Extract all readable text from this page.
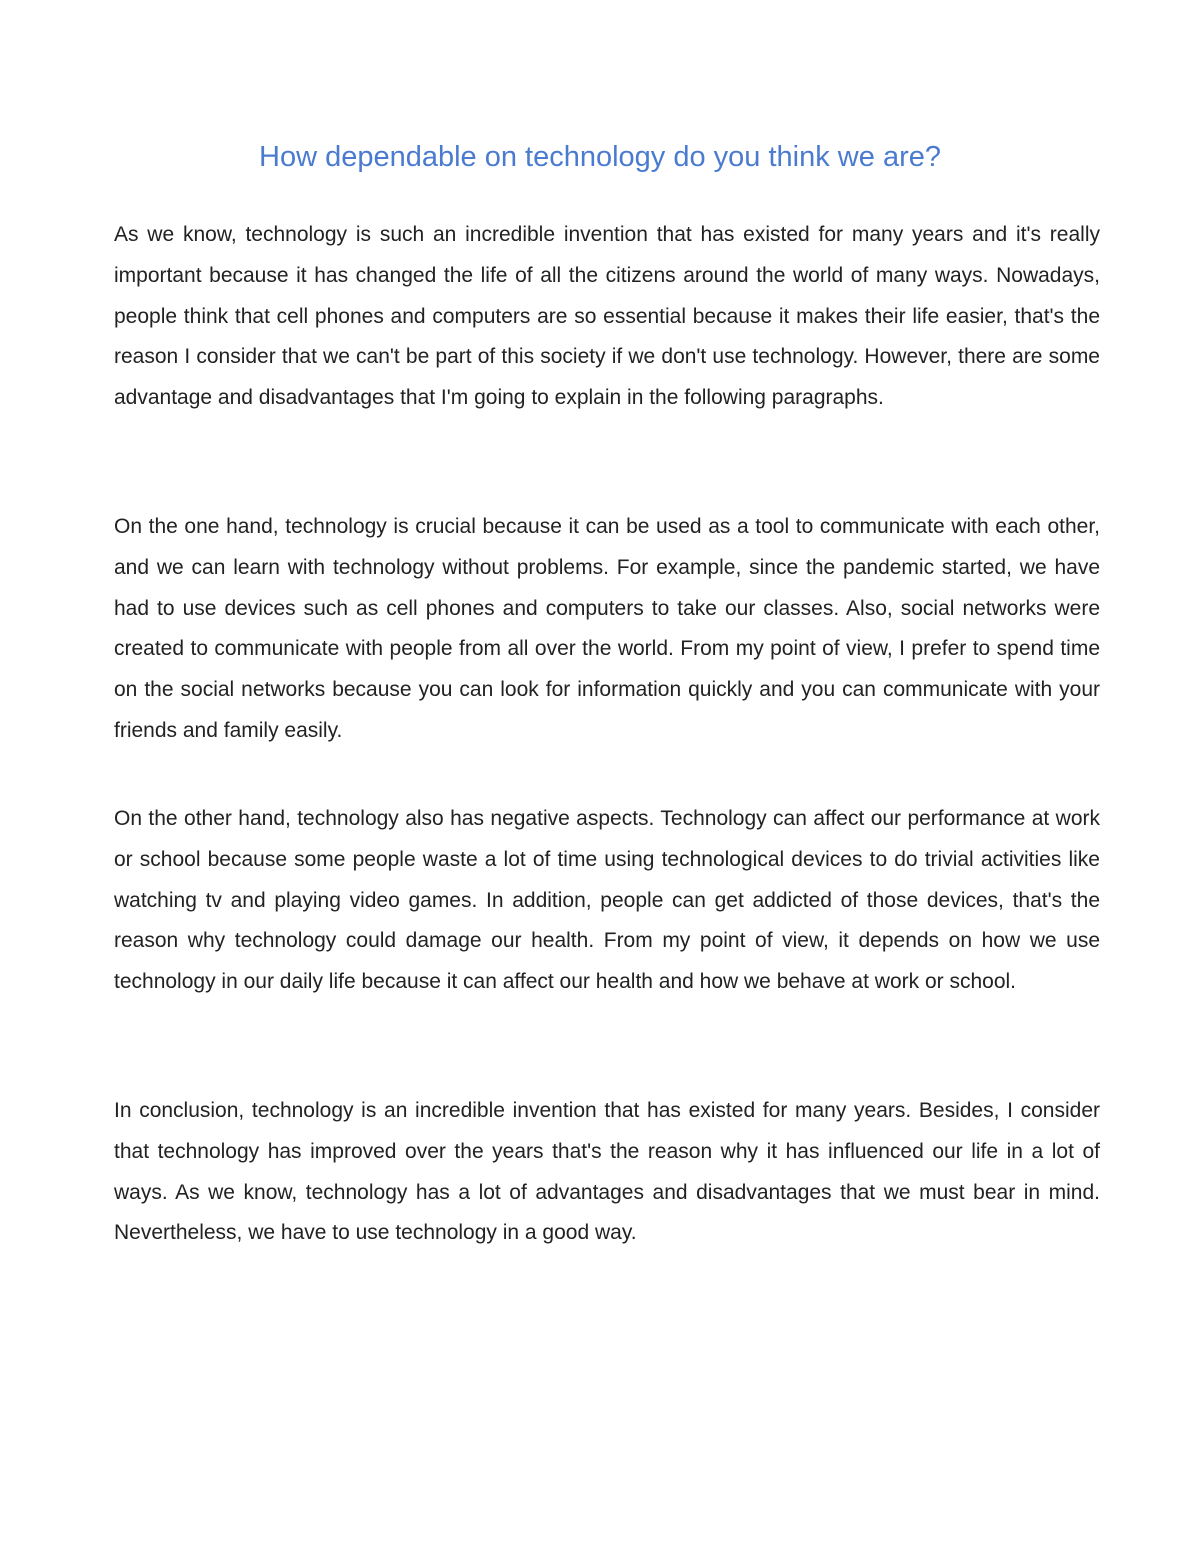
How dependable on technology do you think we are?

As we know, technology is such an incredible invention that has existed for many years and it's really important because it has changed the life of all the citizens around the world of many ways. Nowadays, people think that cell phones and computers are so essential because it makes their life easier, that's the reason I consider that we can't be part of this society if we don't use technology. However, there are some advantage and disadvantages that I'm going to explain in the following paragraphs.

On the one hand, technology is crucial because it can be used as a tool to communicate with each other, and we can learn with technology without problems. For example, since the pandemic started, we have had to use devices such as cell phones and computers to take our classes. Also, social networks were created to communicate with people from all over the world. From my point of view, I prefer to spend time on the social networks because you can look for information quickly and you can communicate with your friends and family easily.

On the other hand, technology also has negative aspects. Technology can affect our performance at work or school because some people waste a lot of time using technological devices to do trivial activities like watching tv and playing video games. In addition, people can get addicted of those devices, that's the reason why technology could damage our health. From my point of view, it depends on how we use technology in our daily life because it can affect our health and how we behave at work or school.

In conclusion, technology is an incredible invention that has existed for many years. Besides, I consider that technology has improved over the years that's the reason why it has influenced our life in a lot of ways. As we know, technology has a lot of advantages and disadvantages that we must bear in mind. Nevertheless, we have to use technology in a good way.
